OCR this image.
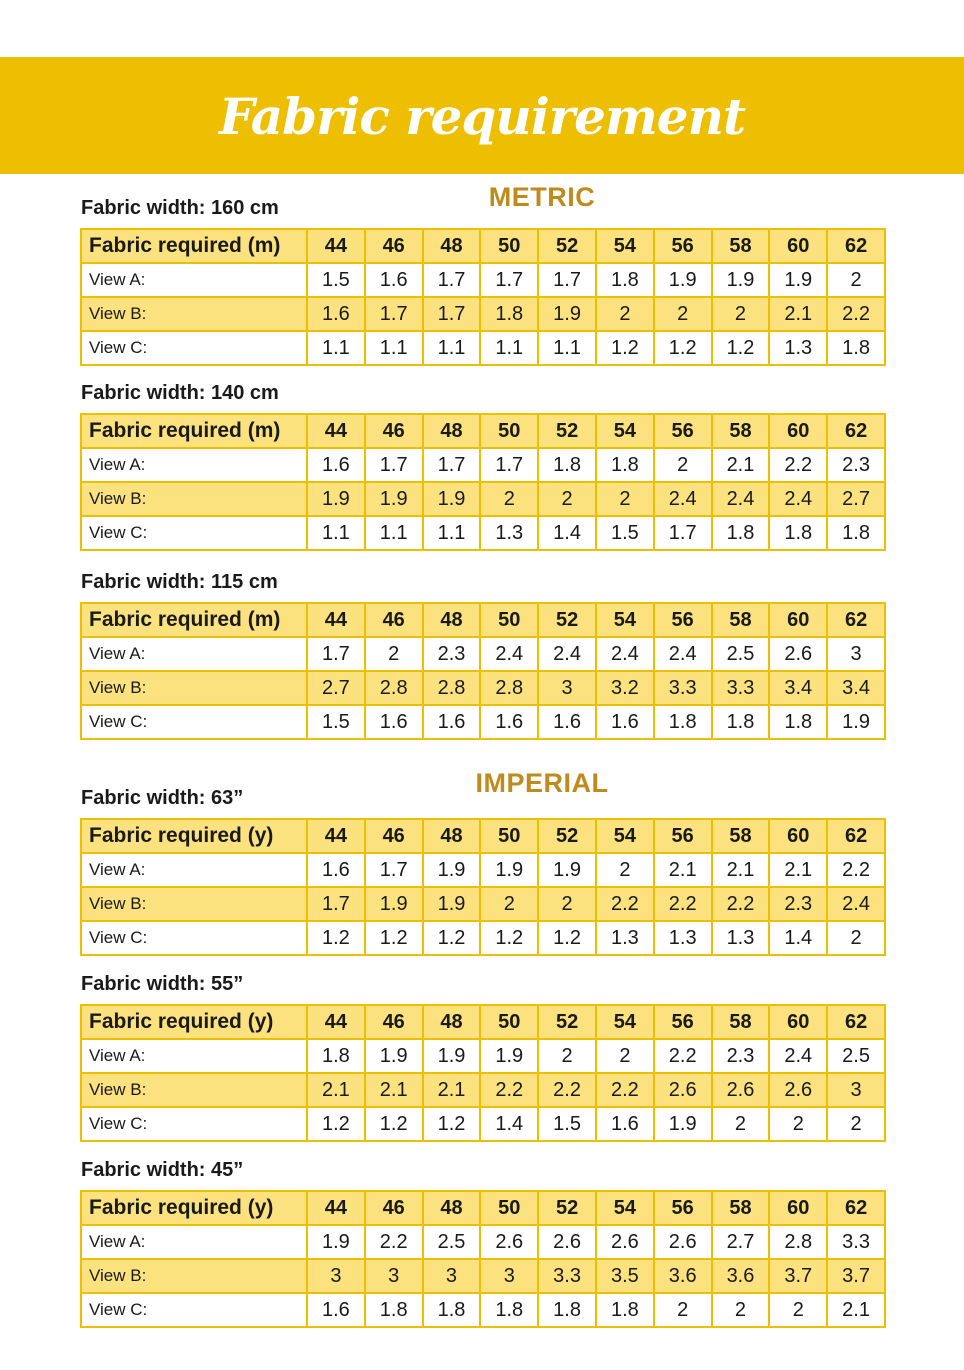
Fabric requirement
METRIC
IMPERIAL
Fabric width: 160 cm
Fabric required (m)	44	46	48	50	52	54	56	58	60	62
View A:	1.5	1.6	1.7	1.7	1.7	1.8	1.9	1.9	1.9	2
View B:	1.6	1.7	1.7	1.8	1.9	2	2	2	2.1	2.2
View C:	1.1	1.1	1.1	1.1	1.1	1.2	1.2	1.2	1.3	1.8
Fabric width: 140 cm
Fabric required (m)	44	46	48	50	52	54	56	58	60	62
View A:	1.6	1.7	1.7	1.7	1.8	1.8	2	2.1	2.2	2.3
View B:	1.9	1.9	1.9	2	2	2	2.4	2.4	2.4	2.7
View C:	1.1	1.1	1.1	1.3	1.4	1.5	1.7	1.8	1.8	1.8
Fabric width: 115 cm
Fabric required (m)	44	46	48	50	52	54	56	58	60	62
View A:	1.7	2	2.3	2.4	2.4	2.4	2.4	2.5	2.6	3
View B:	2.7	2.8	2.8	2.8	3	3.2	3.3	3.3	3.4	3.4
View C:	1.5	1.6	1.6	1.6	1.6	1.6	1.8	1.8	1.8	1.9
Fabric width: 63”
Fabric required (y)	44	46	48	50	52	54	56	58	60	62
View A:	1.6	1.7	1.9	1.9	1.9	2	2.1	2.1	2.1	2.2
View B:	1.7	1.9	1.9	2	2	2.2	2.2	2.2	2.3	2.4
View C:	1.2	1.2	1.2	1.2	1.2	1.3	1.3	1.3	1.4	2
Fabric width: 55”
Fabric required (y)	44	46	48	50	52	54	56	58	60	62
View A:	1.8	1.9	1.9	1.9	2	2	2.2	2.3	2.4	2.5
View B:	2.1	2.1	2.1	2.2	2.2	2.2	2.6	2.6	2.6	3
View C:	1.2	1.2	1.2	1.4	1.5	1.6	1.9	2	2	2
Fabric width: 45”
Fabric required (y)	44	46	48	50	52	54	56	58	60	62
View A:	1.9	2.2	2.5	2.6	2.6	2.6	2.6	2.7	2.8	3.3
View B:	3	3	3	3	3.3	3.5	3.6	3.6	3.7	3.7
View C:	1.6	1.8	1.8	1.8	1.8	1.8	2	2	2	2.1
